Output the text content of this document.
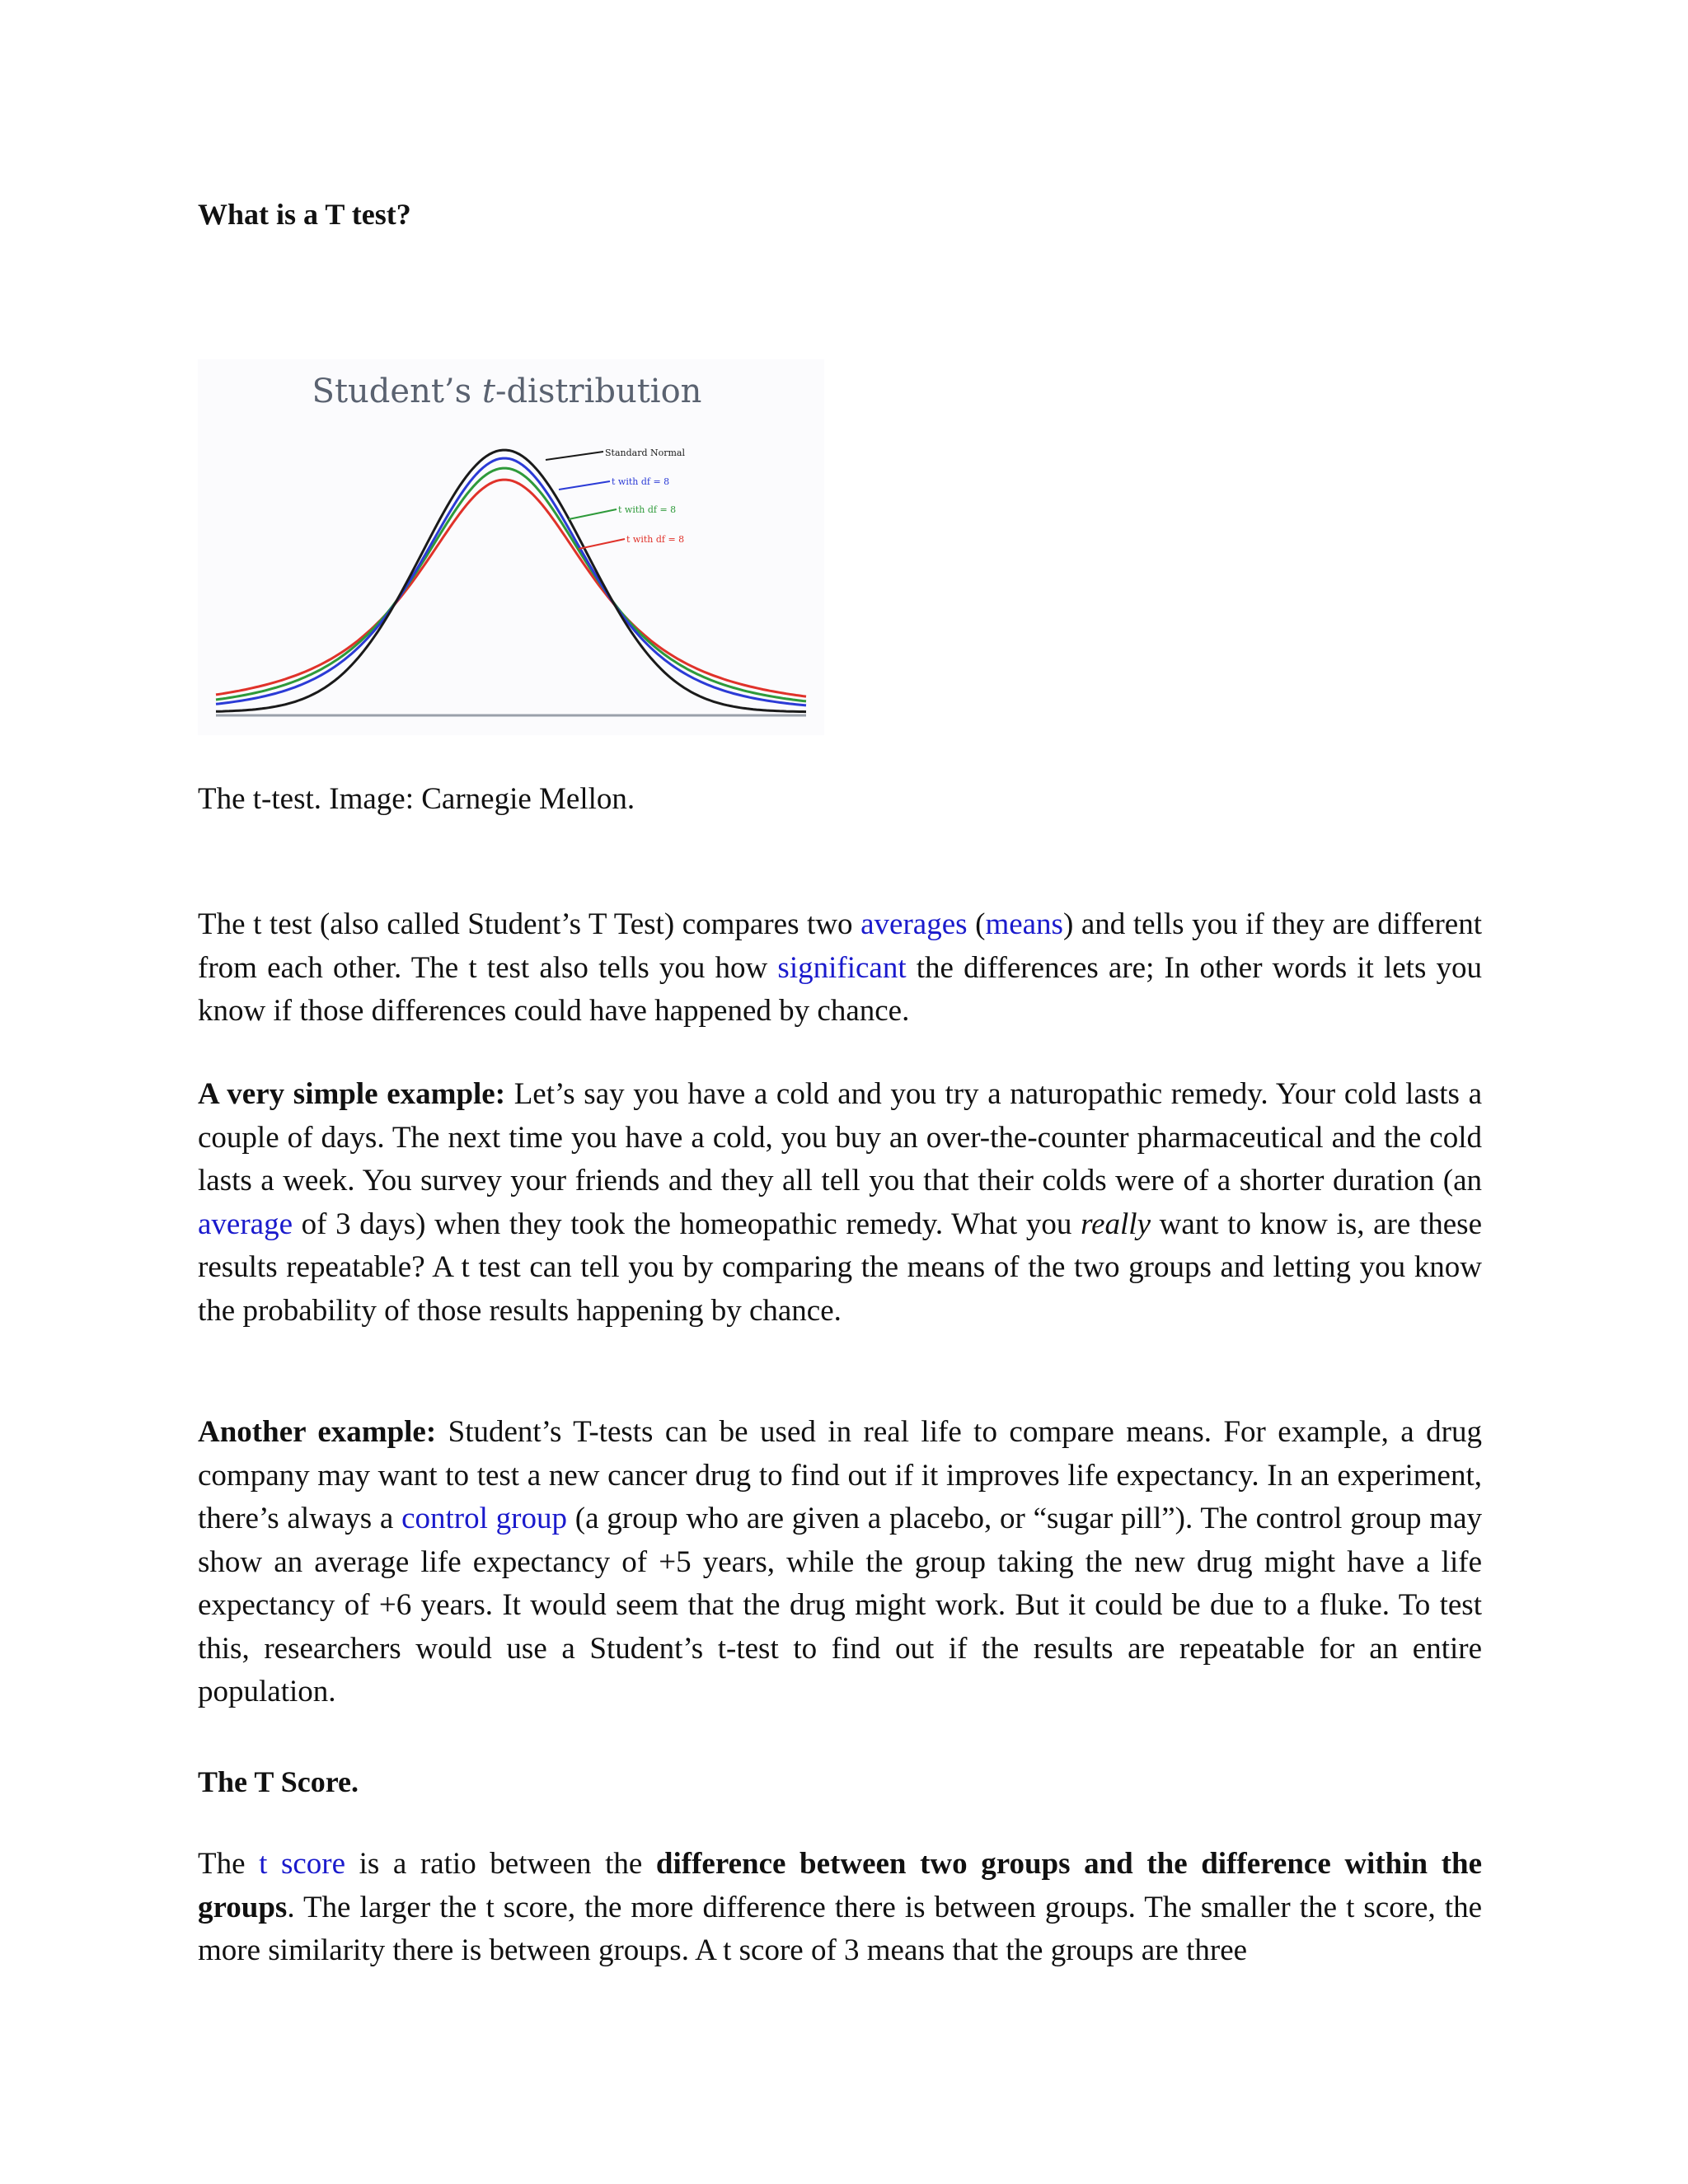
What is a T test?
Student’s t-distribution
Standard Normal
t with df = 8
t with df = 8
t with df = 8

The t-test. Image: Carnegie Mellon.

The t test (also called Student’s T Test) compares two averages (means) and tells you if they are different from each other. The t test also tells you how significant the differences are; In other words it lets you know if those differences could have happened by chance.

A very simple example: Let’s say you have a cold and you try a naturopathic remedy. Your cold lasts a couple of days. The next time you have a cold, you buy an over-the-counter pharmaceutical and the cold lasts a week. You survey your friends and they all tell you that their colds were of a shorter duration (an average of 3 days) when they took the homeopathic remedy. What you really want to know is, are these results repeatable? A t test can tell you by comparing the means of the two groups and letting you know the probability of those results happening by chance.

Another example: Student’s T-tests can be used in real life to compare means. For example, a drug company may want to test a new cancer drug to find out if it improves life expectancy. In an experiment, there’s always a control group (a group who are given a placebo, or “sugar pill”). The control group may show an average life expectancy of +5 years, while the group taking the new drug might have a life expectancy of +6 years. It would seem that the drug might work. But it could be due to a fluke. To test this, researchers would use a Student’s t-test to find out if the results are repeatable for an entire population.

The T Score.

The t score is a ratio between the difference between two groups and the difference within the groups. The larger the t score, the more difference there is between groups. The smaller the t score, the more similarity there is between groups. A t score of 3 means that the groups are three
